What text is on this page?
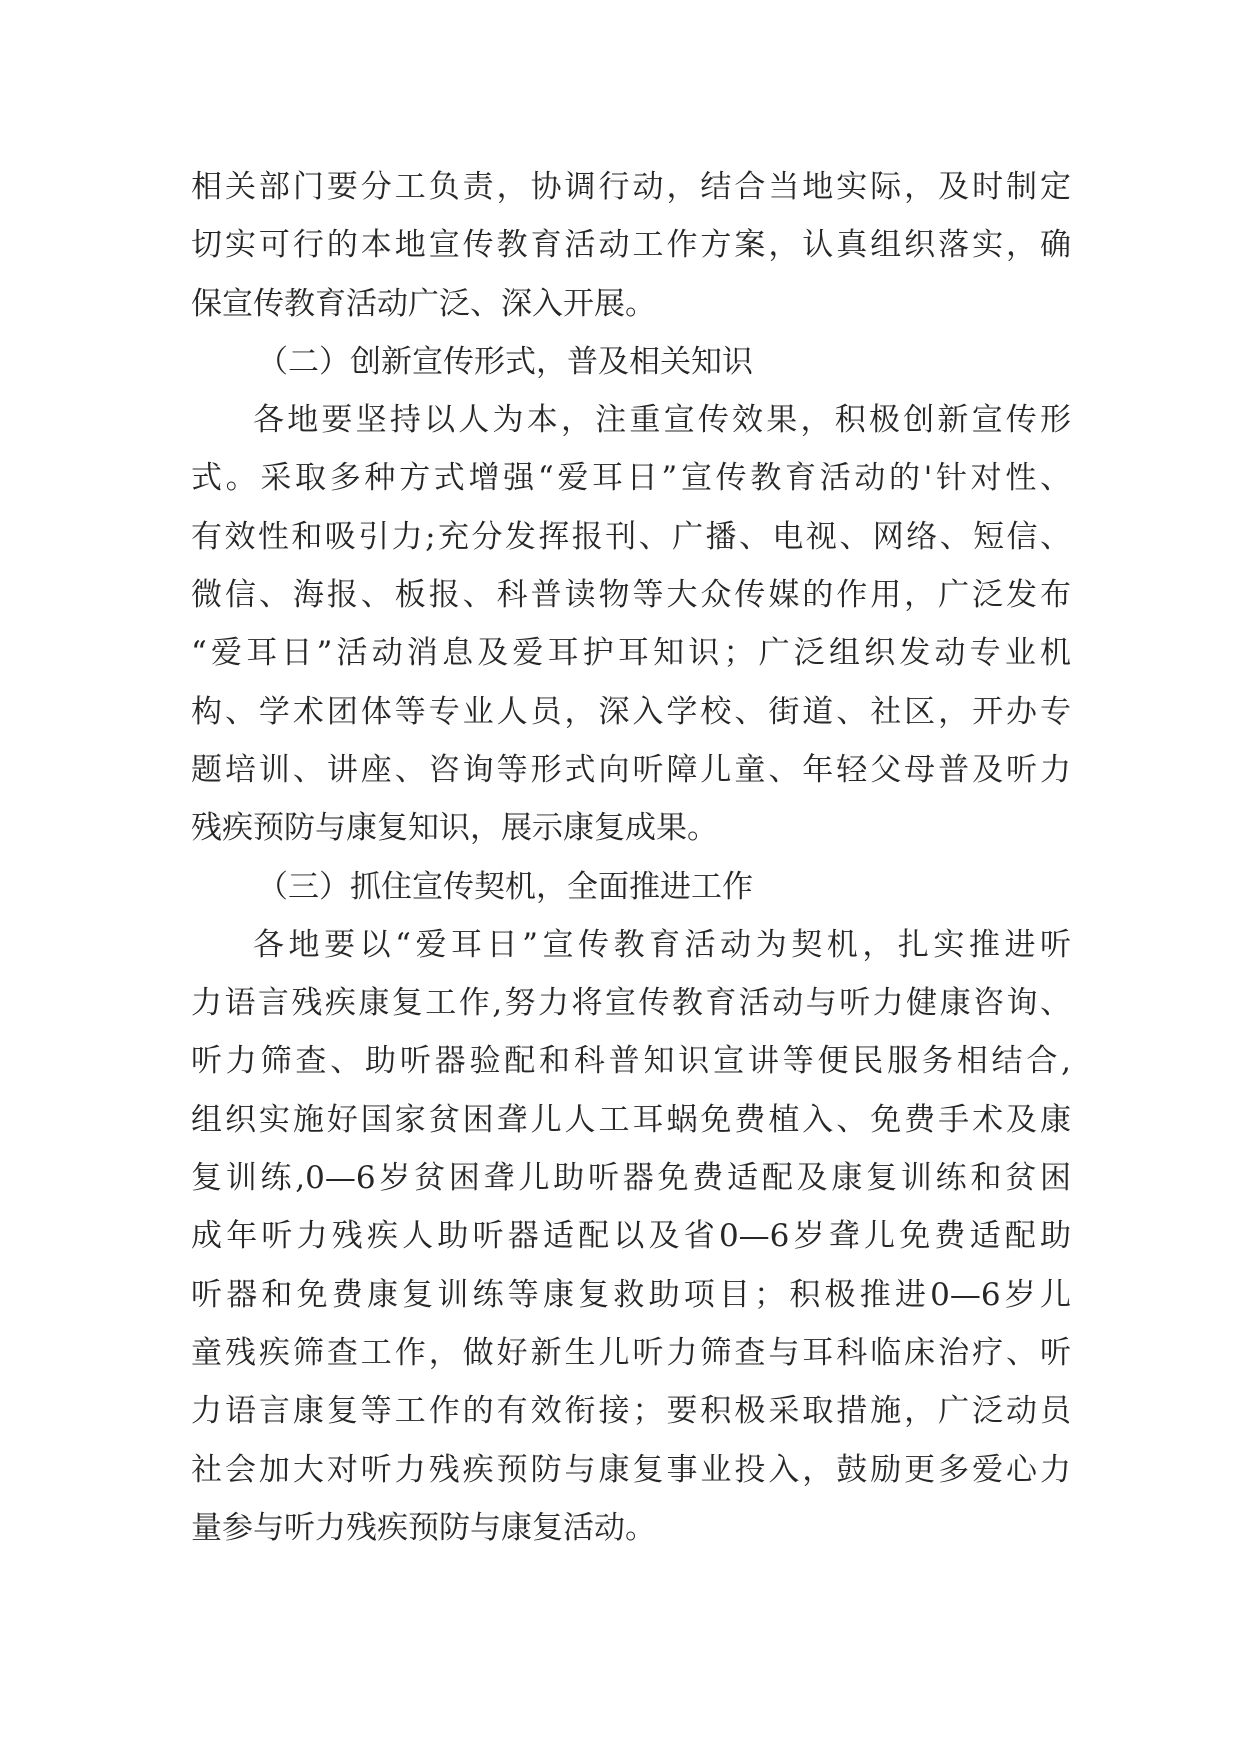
相关部门要分工负责，协调行动，结合当地实际，及时制定
切实可行的本地宣传教育活动工作方案，认真组织落实，确
保宣传教育活动广泛、深入开展。
（二）创新宣传形式，普及相关知识
各地要坚持以人为本，注重宣传效果，积极创新宣传形
式。采取多种方式增强“爱耳日”宣传教育活动的'针对性、
有效性和吸引力;充分发挥报刊、广播、电视、网络、短信、
微信、海报、板报、科普读物等大众传媒的作用，广泛发布
“爱耳日”活动消息及爱耳护耳知识；广泛组织发动专业机
构、学术团体等专业人员，深入学校、街道、社区，开办专
题培训、讲座、咨询等形式向听障儿童、年轻父母普及听力
残疾预防与康复知识，展示康复成果。
（三）抓住宣传契机，全面推进工作
各地要以“爱耳日”宣传教育活动为契机，扎实推进听
力语言残疾康复工作,努力将宣传教育活动与听力健康咨询、
听力筛查、助听器验配和科普知识宣讲等便民服务相结合,
组织实施好国家贫困聋儿人工耳蜗免费植入、免费手术及康
复训练,0—6岁贫困聋儿助听器免费适配及康复训练和贫困
成年听力残疾人助听器适配以及省0—6岁聋儿免费适配助
听器和免费康复训练等康复救助项目；积极推进0—6岁儿
童残疾筛查工作，做好新生儿听力筛查与耳科临床治疗、听
力语言康复等工作的有效衔接；要积极采取措施，广泛动员
社会加大对听力残疾预防与康复事业投入，鼓励更多爱心力
量参与听力残疾预防与康复活动。
